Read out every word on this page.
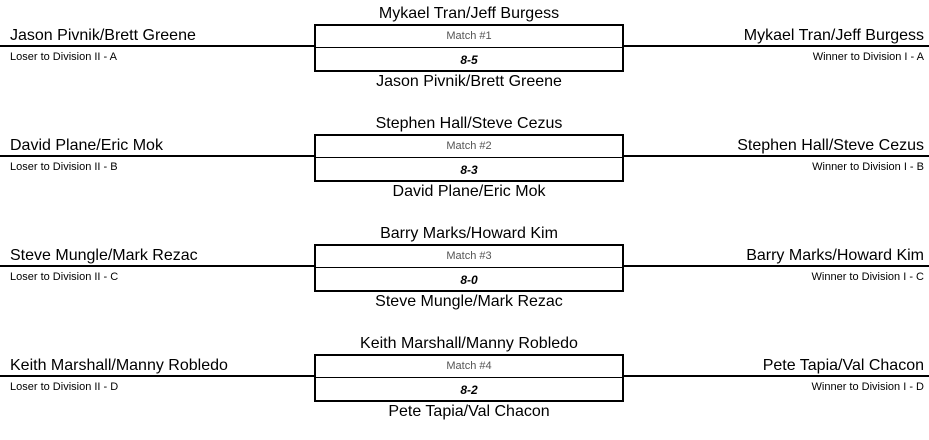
Mykael Tran/Jeff Burgess
Jason Pivnik/Brett Greene
Loser to Division II - A
Mykael Tran/Jeff Burgess
Winner to Division I - A
Match #1
8-5
Jason Pivnik/Brett Greene
Stephen Hall/Steve Cezus
David Plane/Eric Mok
Loser to Division II - B
Stephen Hall/Steve Cezus
Winner to Division I - B
Match #2
8-3
David Plane/Eric Mok
Barry Marks/Howard Kim
Steve Mungle/Mark Rezac
Loser to Division II - C
Barry Marks/Howard Kim
Winner to Division I - C
Match #3
8-0
Steve Mungle/Mark Rezac
Keith Marshall/Manny Robledo
Keith Marshall/Manny Robledo
Loser to Division II - D
Pete Tapia/Val Chacon
Winner to Division I - D
Match #4
8-2
Pete Tapia/Val Chacon
